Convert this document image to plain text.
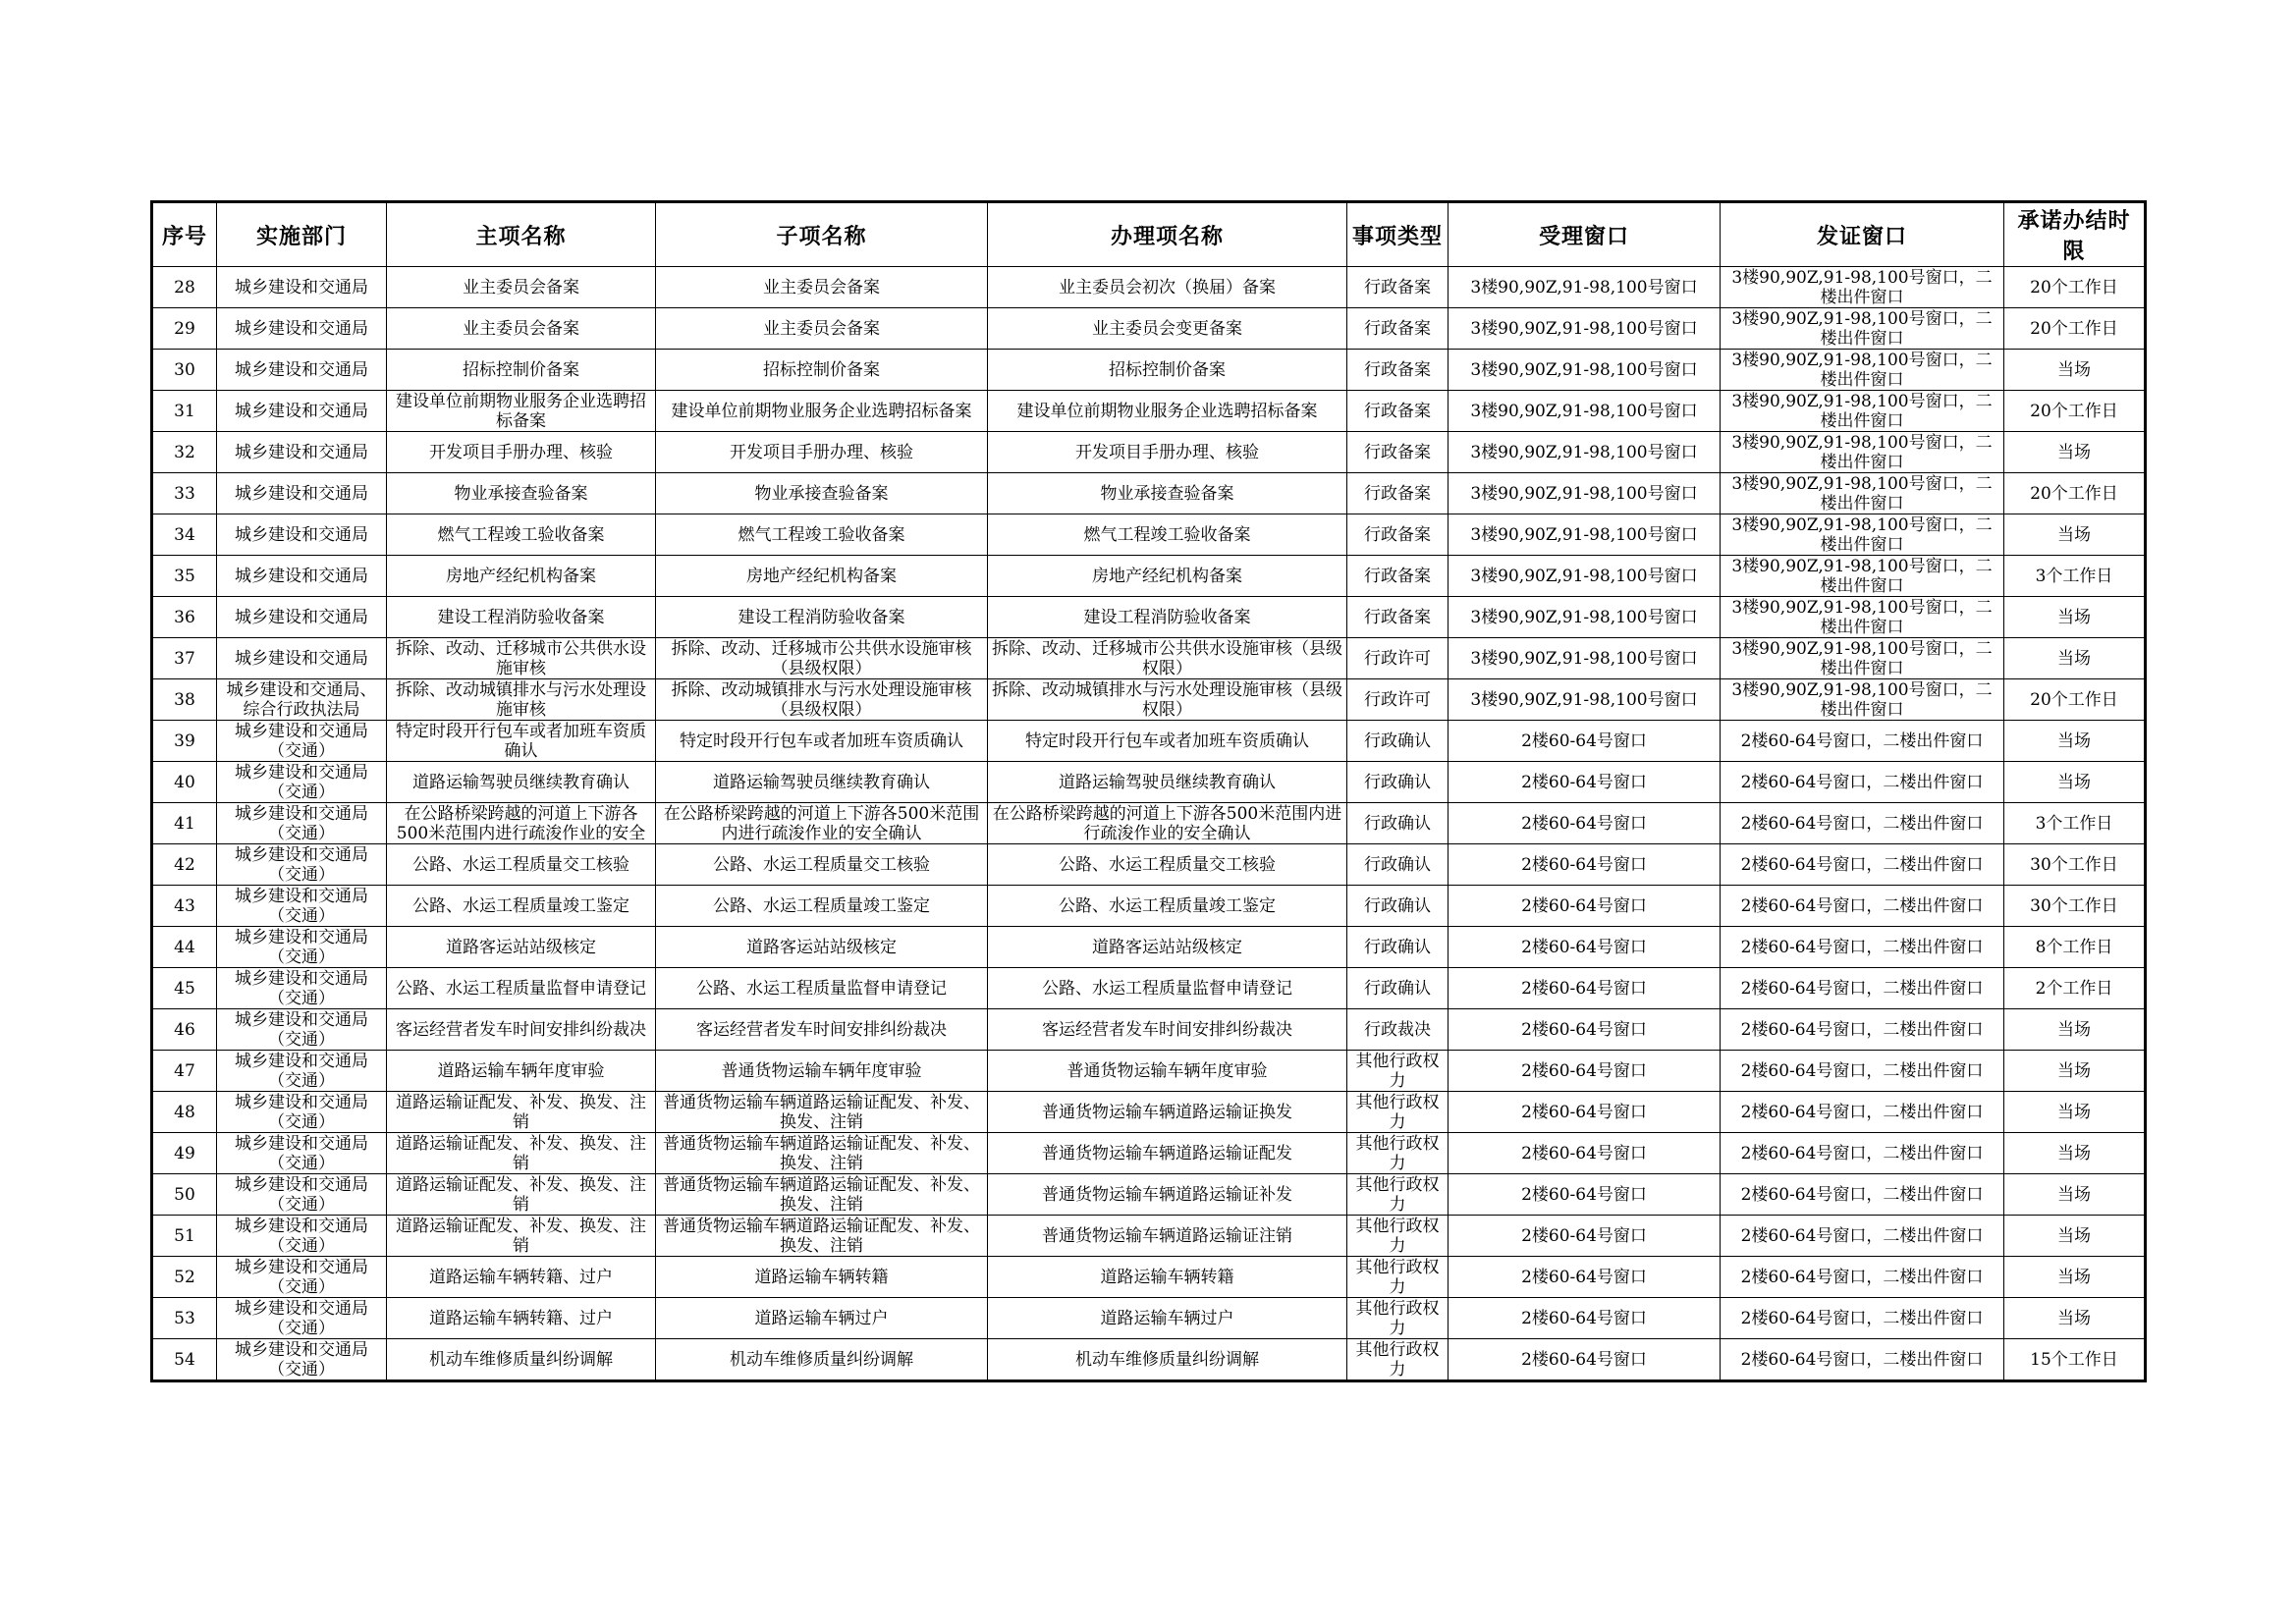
序号	实施部门	主项名称	子项名称	办理项名称	事项类型	受理窗口	发证窗口	承诺办结时限
28	城乡建设和交通局	业主委员会备案	业主委员会备案	业主委员会初次（换届）备案	行政备案	3楼90,90Z,91-98,100号窗口	3楼90,90Z,91-98,100号窗口，二楼出件窗口	20个工作日
29	城乡建设和交通局	业主委员会备案	业主委员会备案	业主委员会变更备案	行政备案	3楼90,90Z,91-98,100号窗口	3楼90,90Z,91-98,100号窗口，二楼出件窗口	20个工作日
30	城乡建设和交通局	招标控制价备案	招标控制价备案	招标控制价备案	行政备案	3楼90,90Z,91-98,100号窗口	3楼90,90Z,91-98,100号窗口，二楼出件窗口	当场
31	城乡建设和交通局	建设单位前期物业服务企业选聘招标备案	建设单位前期物业服务企业选聘招标备案	建设单位前期物业服务企业选聘招标备案	行政备案	3楼90,90Z,91-98,100号窗口	3楼90,90Z,91-98,100号窗口，二楼出件窗口	20个工作日
32	城乡建设和交通局	开发项目手册办理、核验	开发项目手册办理、核验	开发项目手册办理、核验	行政备案	3楼90,90Z,91-98,100号窗口	3楼90,90Z,91-98,100号窗口，二楼出件窗口	当场
33	城乡建设和交通局	物业承接查验备案	物业承接查验备案	物业承接查验备案	行政备案	3楼90,90Z,91-98,100号窗口	3楼90,90Z,91-98,100号窗口，二楼出件窗口	20个工作日
34	城乡建设和交通局	燃气工程竣工验收备案	燃气工程竣工验收备案	燃气工程竣工验收备案	行政备案	3楼90,90Z,91-98,100号窗口	3楼90,90Z,91-98,100号窗口，二楼出件窗口	当场
35	城乡建设和交通局	房地产经纪机构备案	房地产经纪机构备案	房地产经纪机构备案	行政备案	3楼90,90Z,91-98,100号窗口	3楼90,90Z,91-98,100号窗口，二楼出件窗口	3个工作日
36	城乡建设和交通局	建设工程消防验收备案	建设工程消防验收备案	建设工程消防验收备案	行政备案	3楼90,90Z,91-98,100号窗口	3楼90,90Z,91-98,100号窗口，二楼出件窗口	当场
37	城乡建设和交通局	拆除、改动、迁移城市公共供水设施审核	拆除、改动、迁移城市公共供水设施审核（县级权限）	拆除、改动、迁移城市公共供水设施审核（县级权限）	行政许可	3楼90,90Z,91-98,100号窗口	3楼90,90Z,91-98,100号窗口，二楼出件窗口	当场
38	城乡建设和交通局、综合行政执法局	拆除、改动城镇排水与污水处理设施审核	拆除、改动城镇排水与污水处理设施审核（县级权限）	拆除、改动城镇排水与污水处理设施审核（县级权限）	行政许可	3楼90,90Z,91-98,100号窗口	3楼90,90Z,91-98,100号窗口，二楼出件窗口	20个工作日
39	城乡建设和交通局（交通）	特定时段开行包车或者加班车资质确认	特定时段开行包车或者加班车资质确认	特定时段开行包车或者加班车资质确认	行政确认	2楼60-64号窗口	2楼60-64号窗口，二楼出件窗口	当场
40	城乡建设和交通局（交通）	道路运输驾驶员继续教育确认	道路运输驾驶员继续教育确认	道路运输驾驶员继续教育确认	行政确认	2楼60-64号窗口	2楼60-64号窗口，二楼出件窗口	当场
41	城乡建设和交通局（交通）	在公路桥梁跨越的河道上下游各500米范围内进行疏浚作业的安全	在公路桥梁跨越的河道上下游各500米范围内进行疏浚作业的安全确认	在公路桥梁跨越的河道上下游各500米范围内进行疏浚作业的安全确认	行政确认	2楼60-64号窗口	2楼60-64号窗口，二楼出件窗口	3个工作日
42	城乡建设和交通局（交通）	公路、水运工程质量交工核验	公路、水运工程质量交工核验	公路、水运工程质量交工核验	行政确认	2楼60-64号窗口	2楼60-64号窗口，二楼出件窗口	30个工作日
43	城乡建设和交通局（交通）	公路、水运工程质量竣工鉴定	公路、水运工程质量竣工鉴定	公路、水运工程质量竣工鉴定	行政确认	2楼60-64号窗口	2楼60-64号窗口，二楼出件窗口	30个工作日
44	城乡建设和交通局（交通）	道路客运站站级核定	道路客运站站级核定	道路客运站站级核定	行政确认	2楼60-64号窗口	2楼60-64号窗口，二楼出件窗口	8个工作日
45	城乡建设和交通局（交通）	公路、水运工程质量监督申请登记	公路、水运工程质量监督申请登记	公路、水运工程质量监督申请登记	行政确认	2楼60-64号窗口	2楼60-64号窗口，二楼出件窗口	2个工作日
46	城乡建设和交通局（交通）	客运经营者发车时间安排纠纷裁决	客运经营者发车时间安排纠纷裁决	客运经营者发车时间安排纠纷裁决	行政裁决	2楼60-64号窗口	2楼60-64号窗口，二楼出件窗口	当场
47	城乡建设和交通局（交通）	道路运输车辆年度审验	普通货物运输车辆年度审验	普通货物运输车辆年度审验	其他行政权力	2楼60-64号窗口	2楼60-64号窗口，二楼出件窗口	当场
48	城乡建设和交通局（交通）	道路运输证配发、补发、换发、注销	普通货物运输车辆道路运输证配发、补发、换发、注销	普通货物运输车辆道路运输证换发	其他行政权力	2楼60-64号窗口	2楼60-64号窗口，二楼出件窗口	当场
49	城乡建设和交通局（交通）	道路运输证配发、补发、换发、注销	普通货物运输车辆道路运输证配发、补发、换发、注销	普通货物运输车辆道路运输证配发	其他行政权力	2楼60-64号窗口	2楼60-64号窗口，二楼出件窗口	当场
50	城乡建设和交通局（交通）	道路运输证配发、补发、换发、注销	普通货物运输车辆道路运输证配发、补发、换发、注销	普通货物运输车辆道路运输证补发	其他行政权力	2楼60-64号窗口	2楼60-64号窗口，二楼出件窗口	当场
51	城乡建设和交通局（交通）	道路运输证配发、补发、换发、注销	普通货物运输车辆道路运输证配发、补发、换发、注销	普通货物运输车辆道路运输证注销	其他行政权力	2楼60-64号窗口	2楼60-64号窗口，二楼出件窗口	当场
52	城乡建设和交通局（交通）	道路运输车辆转籍、过户	道路运输车辆转籍	道路运输车辆转籍	其他行政权力	2楼60-64号窗口	2楼60-64号窗口，二楼出件窗口	当场
53	城乡建设和交通局（交通）	道路运输车辆转籍、过户	道路运输车辆过户	道路运输车辆过户	其他行政权力	2楼60-64号窗口	2楼60-64号窗口，二楼出件窗口	当场
54	城乡建设和交通局（交通）	机动车维修质量纠纷调解	机动车维修质量纠纷调解	机动车维修质量纠纷调解	其他行政权力	2楼60-64号窗口	2楼60-64号窗口，二楼出件窗口	15个工作日
